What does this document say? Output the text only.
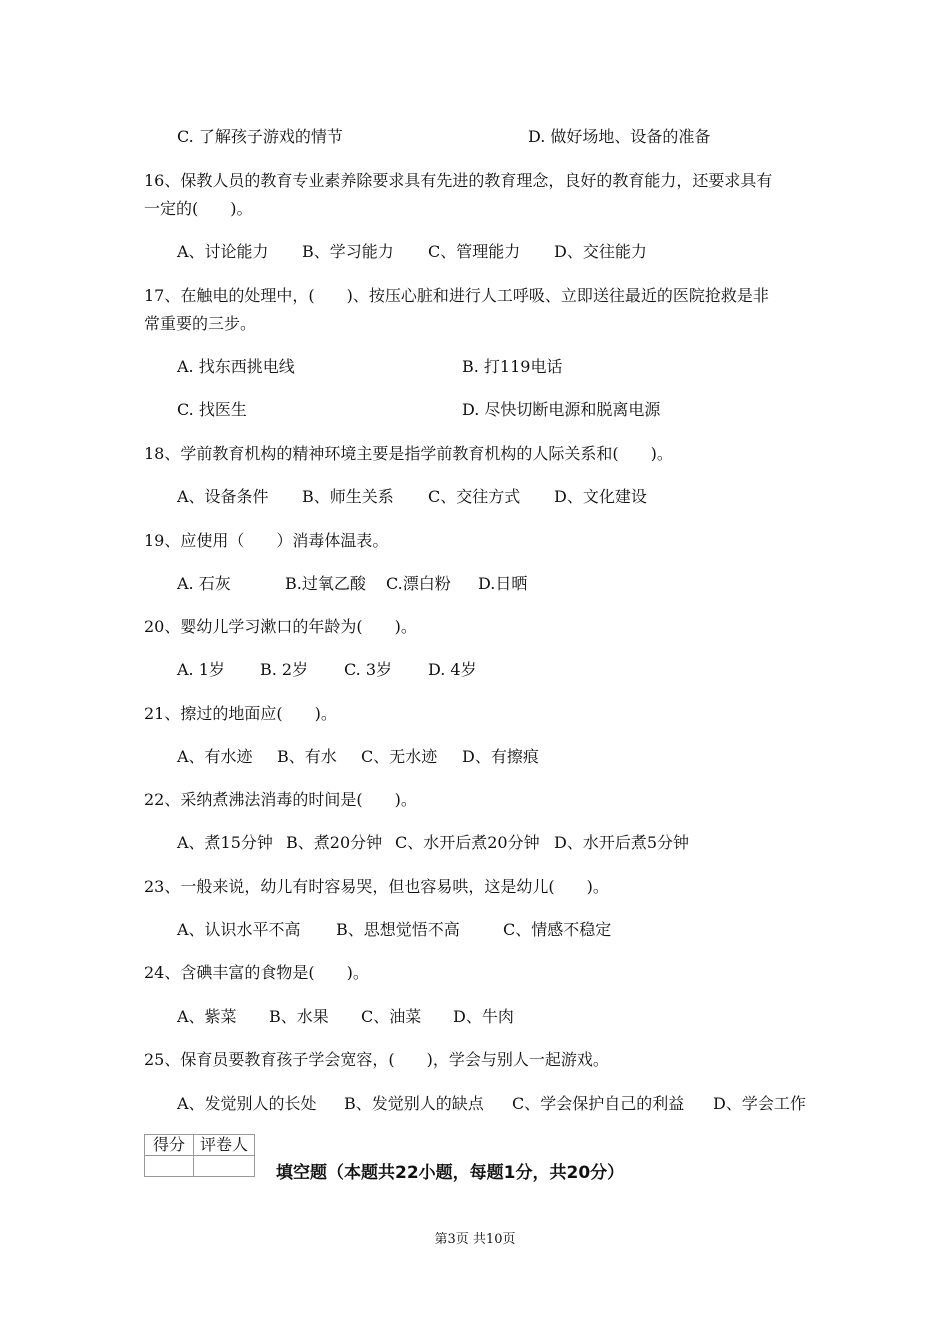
C. 了解孩子游戏的情节	D. 做好场地、设备的准备
16、保教人员的教育专业素养除要求具有先进的教育理念，良好的教育能力，还要求具有
一定的(　　)。
A、讨论能力 B、学习能力 C、管理能力 D、交往能力
17、在触电的处理中，(　　)、按压心脏和进行人工呼吸、立即送往最近的医院抢救是非
常重要的三步。
A. 找东西挑电线	B. 打119电话
C. 找医生	D. 尽快切断电源和脱离电源
18、学前教育机构的精神环境主要是指学前教育机构的人际关系和(　　)。
A、设备条件 B、师生关系 C、交往方式 D、文化建设
19、应使用（　　）消毒体温表。
A. 石灰	B.过氧乙酸 C.漂白粉 D.日晒
20、婴幼儿学习漱口的年龄为(　　)。
A. 1岁 B. 2岁 C. 3岁 D. 4岁
21、擦过的地面应(　　)。
A、有水迹 B、有水 C、无水迹 D、有擦痕
22、采纳煮沸法消毒的时间是(　　)。
A、煮15分钟 B、煮20分钟 C、水开后煮20分钟 D、水开后煮5分钟
23、一般来说，幼儿有时容易哭，但也容易哄，这是幼儿(　　)。
A、认识水平不高 B、思想觉悟不高	C、情感不稳定
24、含碘丰富的食物是(　　)。
A、紫菜 B、水果 C、油菜 D、牛肉
25、保育员要教育孩子学会宽容，(　　)，学会与别人一起游戏。
A、发觉别人的长处 B、发觉别人的缺点 C、学会保护自己的利益 D、学会工作
得分	评卷人

填空题（本题共22小题，每题1分，共20分）
第3页 共10页
